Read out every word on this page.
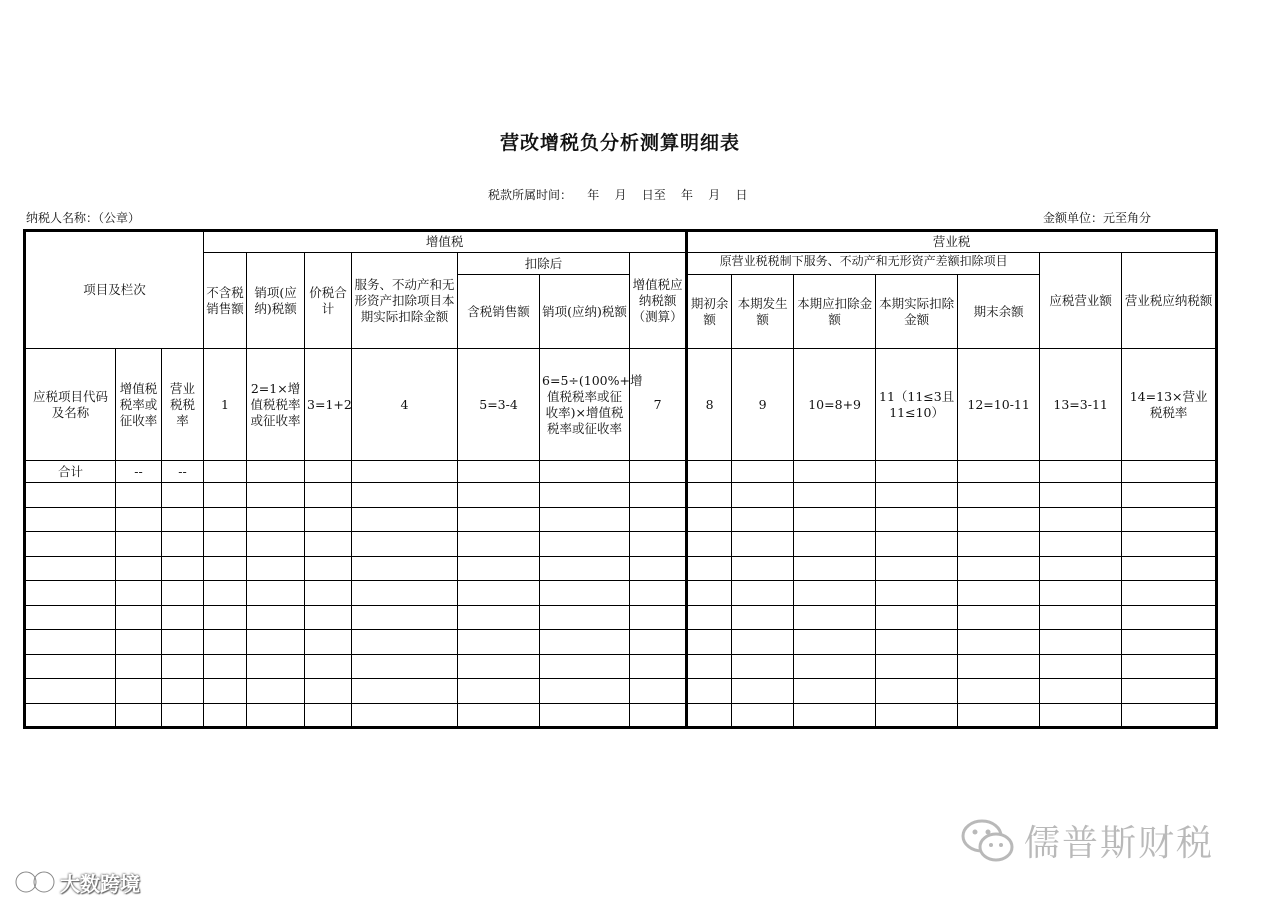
营改增税负分析测算明细表
税款所属时间：    年    月    日至    年    月    日
纳税人名称：（公章）	金额单位：元至角分
项目及栏次			增值税							营业税						
			不含税销售额	销项(应纳)税额	价税合计	服务、不动产和无形资产扣除项目本期实际扣除金额	扣除后		增值税应纳税额（测算）	原营业税税制下服务、不动产和无形资产差额扣除项目					应税营业额	营业税应纳税额
							含税销售额	销项(应纳)税额		期初余额	本期发生额	本期应扣除金额	本期实际扣除金额	期末余额		
应税项目代码及名称	增值税税率或征收率	营业税税率	1	2=1×增值税税率或征收率	3=1+2	4	5=3-4	6=5÷(100%+增值税税率或征收率)×增值税税率或征收率	7	8	9	10=8+9	11（11≤3且11≤10）	12=10-11	13=3-11	14=13×营业税税率
合计	--	--														

儒普斯财税
大数跨境
